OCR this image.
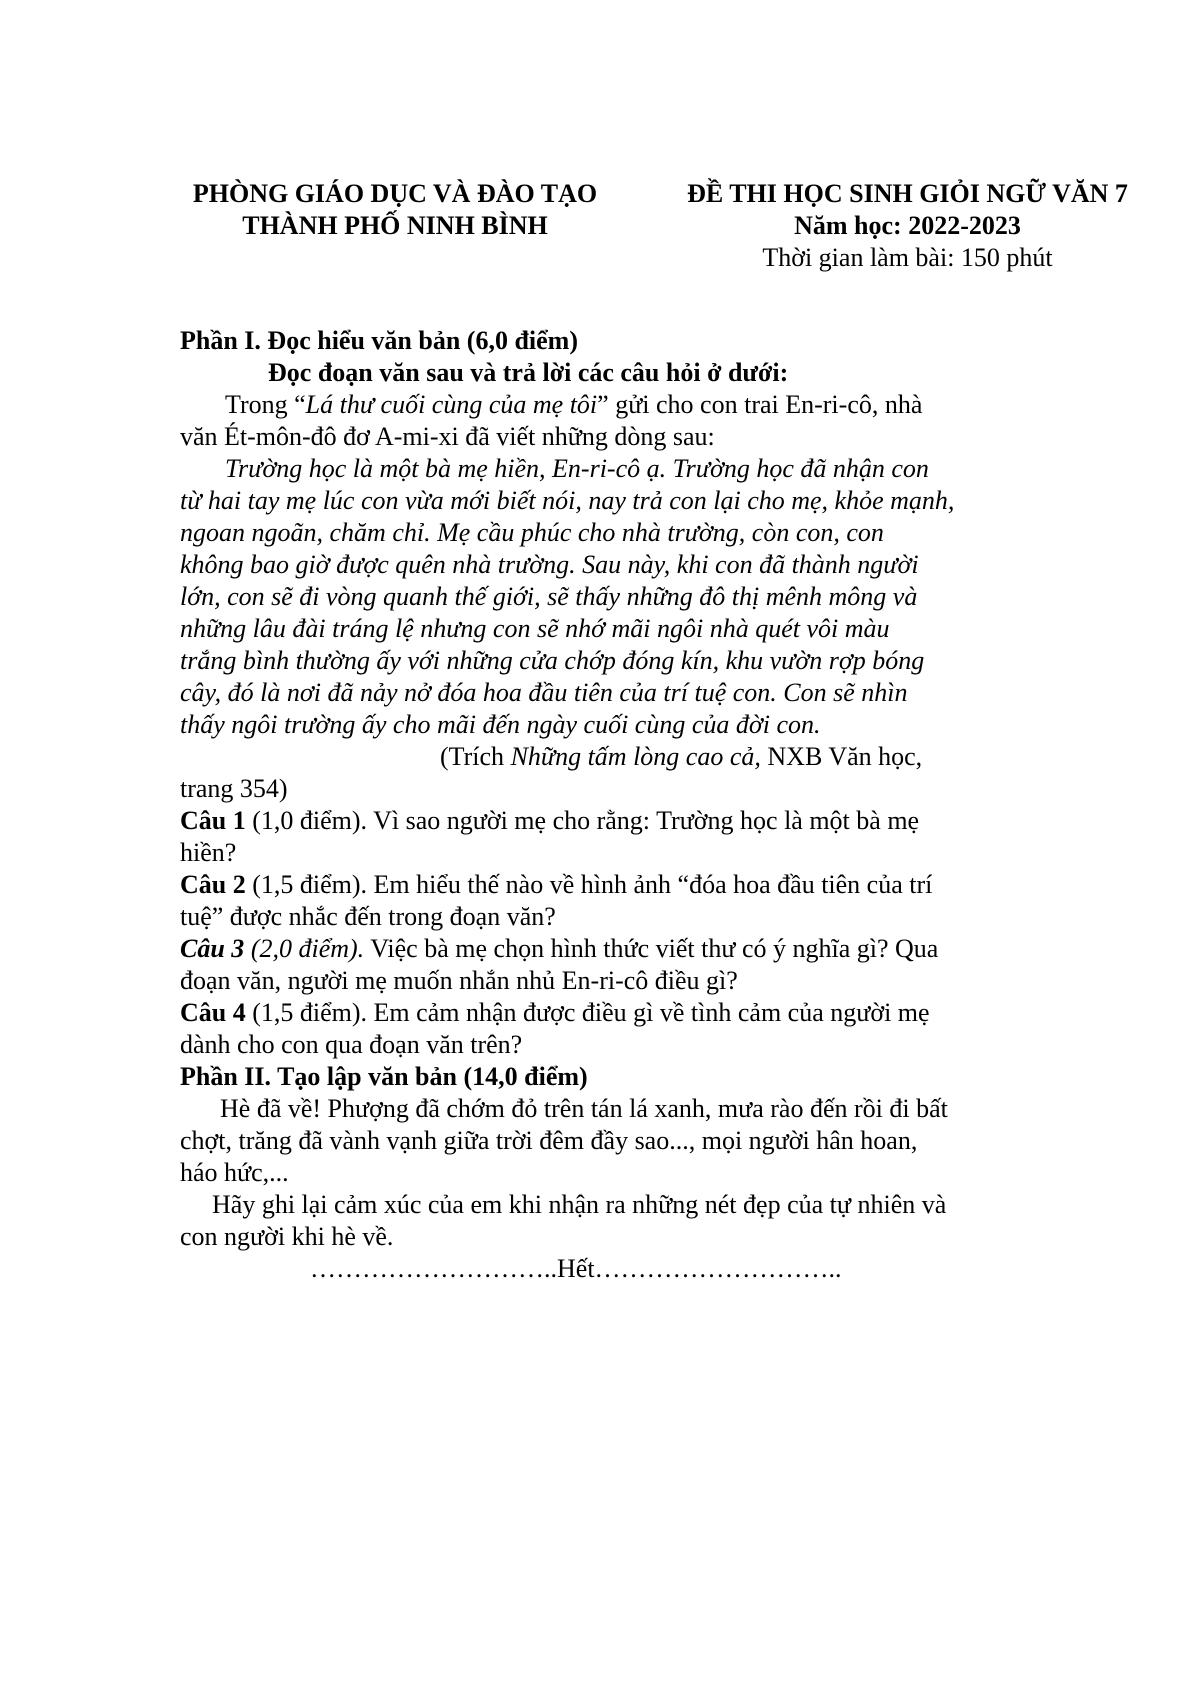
PHÒNG GIÁO DỤC VÀ ĐÀO TẠO
THÀNH PHỐ NINH BÌNH
ĐỀ THI HỌC SINH GIỎI NGỮ VĂN 7
Năm học: 2022-2023
Thời gian làm bài: 150 phút
Phần I. Đọc hiểu văn bản (6,0 điểm)
Đọc đoạn văn sau và trả lời các câu hỏi ở dưới:
Trong “Lá thư cuối cùng của mẹ tôi” gửi cho con trai En-ri-cô, nhà
văn Ét-môn-đô đơ A-mi-xi đã viết những dòng sau:
Trường học là một bà mẹ hiền, En-ri-cô ạ. Trường học đã nhận con
từ hai tay mẹ lúc con vừa mới biết nói, nay trả con lại cho mẹ, khỏe mạnh,
ngoan ngoãn, chăm chỉ. Mẹ cầu phúc cho nhà trường, còn con, con
không bao giờ được quên nhà trường. Sau này, khi con đã thành người
lớn, con sẽ đi vòng quanh thế giới, sẽ thấy những đô thị mênh mông và
những lâu đài tráng lệ nhưng con sẽ nhớ mãi ngôi nhà quét vôi màu
trắng bình thường ấy với những cửa chớp đóng kín, khu vườn rợp bóng
cây, đó là nơi đã nảy nở đóa hoa đầu tiên của trí tuệ con. Con sẽ nhìn
thấy ngôi trường ấy cho mãi đến ngày cuối cùng của đời con.
(Trích Những tấm lòng cao cả, NXB Văn học,
trang 354)
Câu 1 (1,0 điểm). Vì sao người mẹ cho rằng: Trường học là một bà mẹ
hiền?
Câu 2 (1,5 điểm). Em hiểu thế nào về hình ảnh “đóa hoa đầu tiên của trí
tuệ” được nhắc đến trong đoạn văn?
Câu 3 (2,0 điểm). Việc bà mẹ chọn hình thức viết thư có ý nghĩa gì? Qua
đoạn văn, người mẹ muốn nhắn nhủ En-ri-cô điều gì?
Câu 4 (1,5 điểm). Em cảm nhận được điều gì về tình cảm của người mẹ
dành cho con qua đoạn văn trên?
Phần II. Tạo lập văn bản (14,0 điểm)
Hè đã về! Phượng đã chớm đỏ trên tán lá xanh, mưa rào đến rồi đi bất
chợt, trăng đã vành vạnh giữa trời đêm đầy sao..., mọi người hân hoan,
háo hức,...
Hãy ghi lại cảm xúc của em khi nhận ra những nét đẹp của tự nhiên và
con người khi hè về.
………………………..Hết………………………..
